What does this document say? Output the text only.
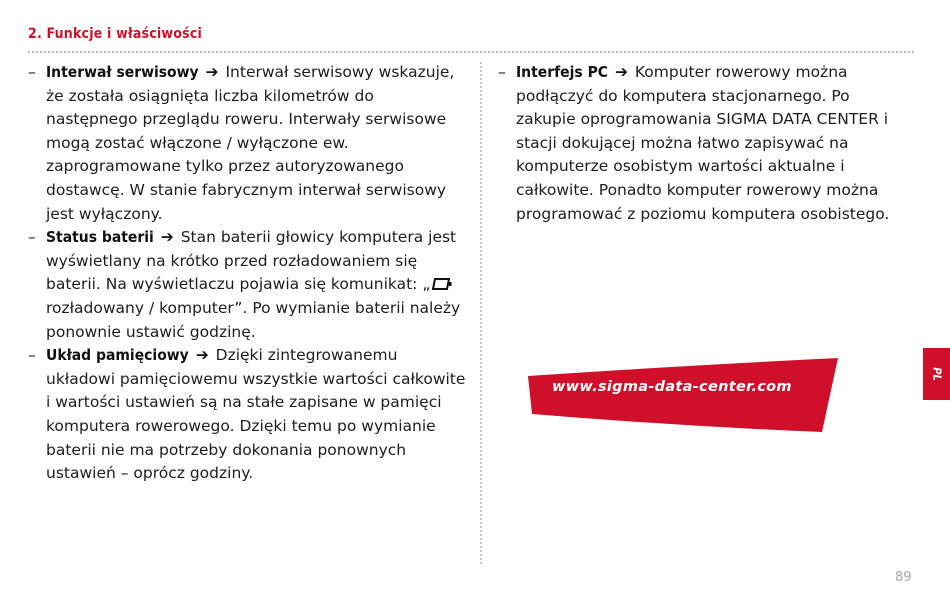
2. Funkcje i właściwości
– Interwał serwisowy ➔ Interwał serwisowy wskazuje, że została osiągnięta liczba kilometrów do następnego przeglądu roweru. Interwały serwisowe mogą zostać włączone / wyłączone ew. zaprogramowane tylko przez autoryzowanego dostawcę. W stanie fabrycznym interwał serwisowy jest wyłączony.
– Status baterii ➔ Stan baterii głowicy komputera jest wyświetlany na krótko przed rozładowaniem się baterii. Na wyświetlaczu pojawia się komunikat: „ rozładowany / komputer”. Po wymianie baterii należy ponownie ustawić godzinę.
– Układ pamięciowy ➔ Dzięki zintegrowanemu układowi pamięciowemu wszystkie wartości całkowite i wartości ustawień są na stałe zapisane w pamięci komputera rowerowego. Dzięki temu po wymianie baterii nie ma potrzeby dokonania ponownych ustawień – oprócz godziny.
– Interfejs PC ➔ Komputer rowerowy można podłączyć do komputera stacjonarnego. Po zakupie oprogramowania SIGMA DATA CENTER i stacji dokującej można łatwo zapisywać na komputerze osobistym wartości aktualne i całkowite. Ponadto komputer rowerowy można programować z poziomu komputera osobistego.
www.sigma-data-center.com
PL
89
